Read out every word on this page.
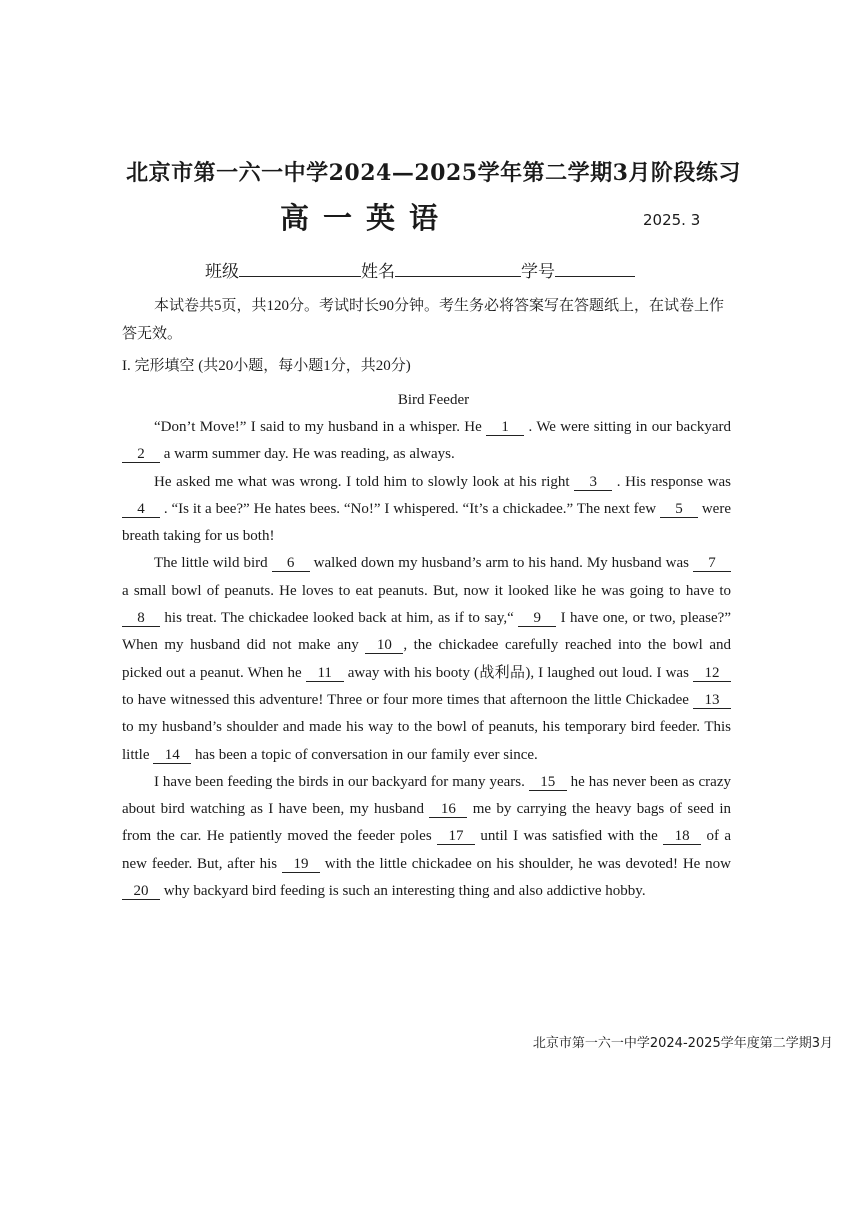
北京市第一六一中学2024—2025学年第二学期3月阶段练习
高一英语	2025. 3
班级	姓名	学号
本试卷共5页，共120分。考试时长90分钟。考生务必将答案写在答题纸上，在试卷上作答无效。
I. 完形填空 (共20小题，每小题1分，共20分)
Bird Feeder

“Don’t Move!” I said to my husband in a whisper. He 1 . We were sitting in our backyard 2 a warm summer day. He was reading, as always.

He asked me what was wrong. I told him to slowly look at his right 3 . His response was 4 . “Is it a bee?” He hates bees. “No!” I whispered. “It’s a chickadee.” The next few 5 were breath taking for us both!

The little wild bird 6 walked down my husband’s arm to his hand. My husband was 7 a small bowl of peanuts. He loves to eat peanuts. But, now it looked like he was going to have to 8 his treat. The chickadee looked back at him, as if to say,“ 9 I have one, or two, please?” When my husband did not make any 10 , the chickadee carefully reached into the bowl and picked out a peanut. When he 11 away with his booty (战利品), I laughed out loud. I was 12 to have witnessed this adventure! Three or four more times that afternoon the little Chickadee 13 to my husband’s shoulder and made his way to the bowl of peanuts, his temporary bird feeder. This little 14 has been a topic of conversation in our family ever since.

I have been feeding the birds in our backyard for many years. 15 he has never been as crazy about bird watching as I have been, my husband 16 me by carrying the heavy bags of seed in from the car. He patiently moved the feeder poles 17 until I was satisfied with the 18 of a new feeder. But, after his 19 with the little chickadee on his shoulder, he was devoted! He now 20 why backyard bird feeding is such an interesting thing and also addictive hobby.

北京市第一六一中学2024-2025学年度第二学期3月
